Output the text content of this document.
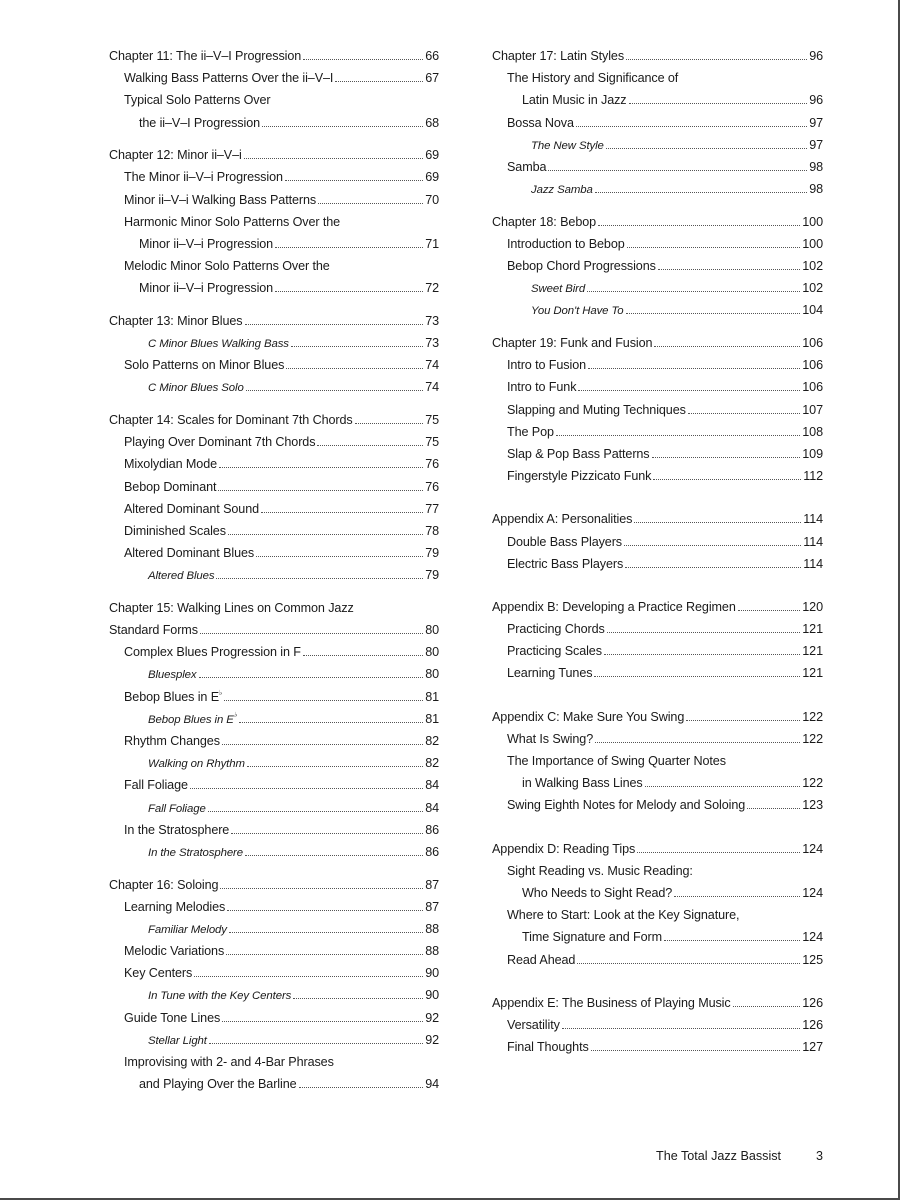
Chapter 11: The ii–V–I Progression	66
Walking Bass Patterns Over the ii–V–I	67
Typical Solo Patterns Over
the ii–V–I Progression	68
Chapter 12: Minor ii–V–i	69
The Minor ii–V–i Progression	69
Minor ii–V–i Walking Bass Patterns	70
Harmonic Minor Solo Patterns Over the
Minor ii–V–i Progression	71
Melodic Minor Solo Patterns Over the
Minor ii–V–i Progression	72
Chapter 13: Minor Blues	73
C Minor Blues Walking Bass	73
Solo Patterns on Minor Blues	74
C Minor Blues Solo	74
Chapter 14: Scales for Dominant 7th Chords	75
Playing Over Dominant 7th Chords	75
Mixolydian Mode	76
Bebop Dominant	76
Altered Dominant Sound	77
Diminished Scales	78
Altered Dominant Blues	79
Altered Blues	79
Chapter 15: Walking Lines on Common Jazz
Standard Forms	80
Complex Blues Progression in F	80
Bluesplex	80
Bebop Blues in E♭	81
Bebop Blues in E♭	81
Rhythm Changes	82
Walking on Rhythm	82
Fall Foliage	84
Fall Foliage	84
In the Stratosphere	86
In the Stratosphere	86
Chapter 16: Soloing	87
Learning Melodies	87
Familiar Melody	88
Melodic Variations	88
Key Centers	90
In Tune with the Key Centers	90
Guide Tone Lines	92
Stellar Light	92
Improvising with 2- and 4-Bar Phrases
and Playing Over the Barline	94
Chapter 17: Latin Styles	96
The History and Significance of
Latin Music in Jazz	96
Bossa Nova	97
The New Style	97
Samba	98
Jazz Samba	98
Chapter 18: Bebop	100
Introduction to Bebop	100
Bebop Chord Progressions	102
Sweet Bird	102
You Don't Have To	104
Chapter 19: Funk and Fusion	106
Intro to Fusion	106
Intro to Funk	106
Slapping and Muting Techniques	107
The Pop	108
Slap & Pop Bass Patterns	109
Fingerstyle Pizzicato Funk	112
Appendix A: Personalities	114
Double Bass Players	114
Electric Bass Players	114
Appendix B: Developing a Practice Regimen	120
Practicing Chords	121
Practicing Scales	121
Learning Tunes	121
Appendix C: Make Sure You Swing	122
What Is Swing?	122
The Importance of Swing Quarter Notes
in Walking Bass Lines	122
Swing Eighth Notes for Melody and Soloing	123
Appendix D: Reading Tips	124
Sight Reading vs. Music Reading:
Who Needs to Sight Read?	124
Where to Start: Look at the Key Signature,
Time Signature and Form	124
Read Ahead	125
Appendix E: The Business of Playing Music	126
Versatility	126
Final Thoughts	127
The Total Jazz Bassist	3
